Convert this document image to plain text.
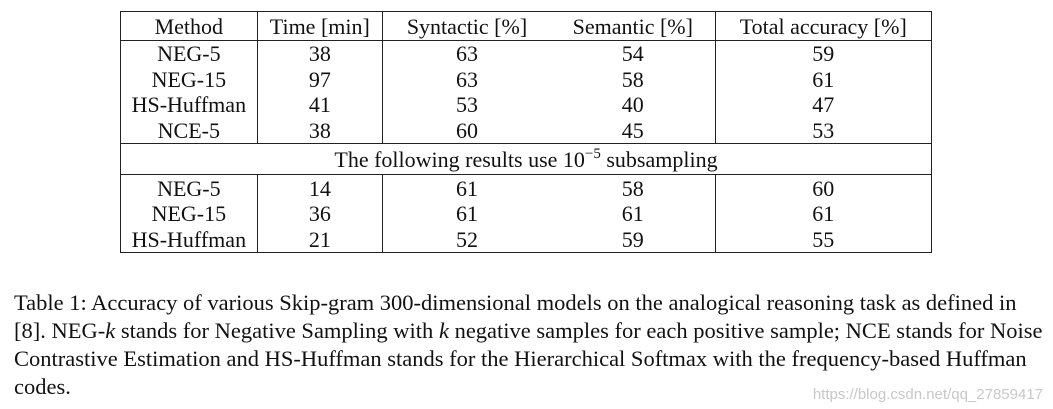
Method	Time [min]	Syntactic [%]	Semantic [%]	Total accuracy [%]
NEG-5	38	63	54	59
NEG-15	97	63	58	61
HS-Huffman	41	53	40	47
NCE-5	38	60	45	53
The following results use $10^{-5}$ subsampling				
NEG-5	14	61	58	60
NEG-15	36	61	61	61
HS-Huffman	21	52	59	55

Table 1: Accuracy of various Skip-gram 300-dimensional models on the analogical reasoning task as defined in [8]. NEG-k stands for Negative Sampling with k negative samples for each positive sample; NCE stands for Noise Contrastive Estimation and HS-Huffman stands for the Hierarchical Softmax with the frequency-based Huffman codes.	https://blog.csdn.net/qq_27859417
